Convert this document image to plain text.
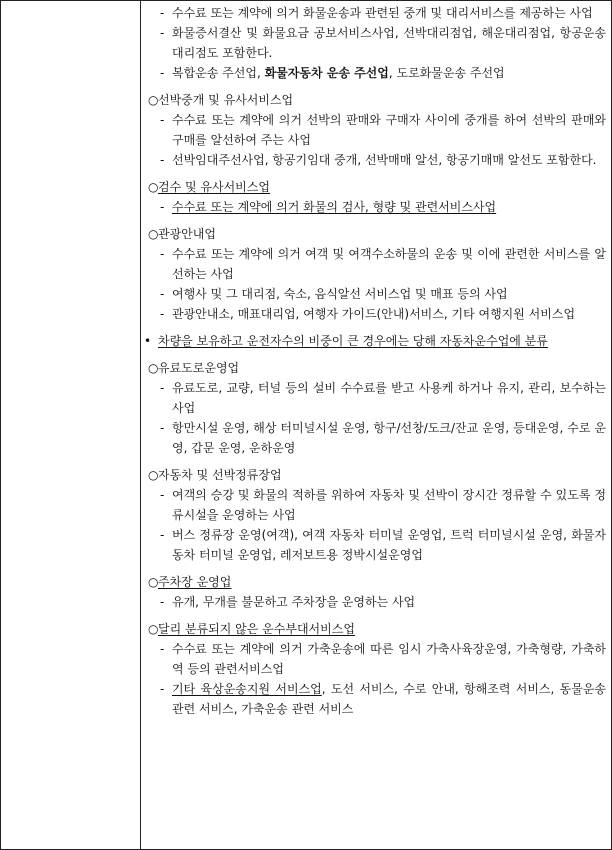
- 수수료 또는 계약에 의거 화물운송과 관련된 중개 및 대리서비스를 제공하는 사업
- 화물증서결산 및 화물요금 공보서비스사업, 선박대리점업, 해운대리점업, 항공운송 대리점도 포함한다.
- 복합운송 주선업, 화물자동차 운송 주선업, 도로화물운송 주선업
○ 선박중개 및 유사서비스업
- 수수료 또는 계약에 의거 선박의 판매와 구매자 사이에 중개를 하여 선박의 판매와 구매를 알선하여 주는 사업
- 선박임대주선사업, 항공기임대 중개, 선박매매 알선, 항공기매매 알선도 포함한다.
○ 검수 및 유사서비스업
- 수수료 또는 계약에 의거 화물의 검사, 형량 및 관련서비스사업
○ 관광안내업
- 수수료 또는 계약에 의거 여객 및 여객수소하물의 운송 및 이에 관련한 서비스를 알선하는 사업
- 여행사 및 그 대리점, 숙소, 음식알선 서비스업 및 매표 등의 사업
- 관광안내소, 매표대리업, 여행자 가이드(안내)서비스, 기타 여행지원 서비스업
• 차량을 보유하고 운전자수의 비중이 큰 경우에는 당해 자동차운수업에 분류
○ 유료도로운영업
- 유료도로, 교량, 터널 등의 설비 수수료를 받고 사용케 하거나 유지, 관리, 보수하는 사업
- 항만시설 운영, 해상 터미널시설 운영, 항구/선창/도크/잔교 운영, 등대운영, 수로 운영, 갑문 운영, 운하운영
○ 자동차 및 선박정류장업
- 여객의 승강 및 화물의 적하를 위하여 자동차 및 선박이 장시간 정류할 수 있도록 정류시설을 운영하는 사업
- 버스 정류장 운영(여객), 여객 자동차 터미널 운영업, 트럭 터미널시설 운영, 화물자동차 터미널 운영업, 레저보트용 정박시설운영업
○ 주차장 운영업
- 유개, 무개를 불문하고 주차장을 운영하는 사업
○ 달리 분류되지 않은 운수부대서비스업
- 수수료 또는 계약에 의거 가축운송에 따른 임시 가축사육장운영, 가축형량, 가축하역 등의 관련서비스업
- 기타 육상운송지원 서비스업, 도선 서비스, 수로 안내, 항해조력 서비스, 동물운송 관련 서비스, 가축운송 관련 서비스
